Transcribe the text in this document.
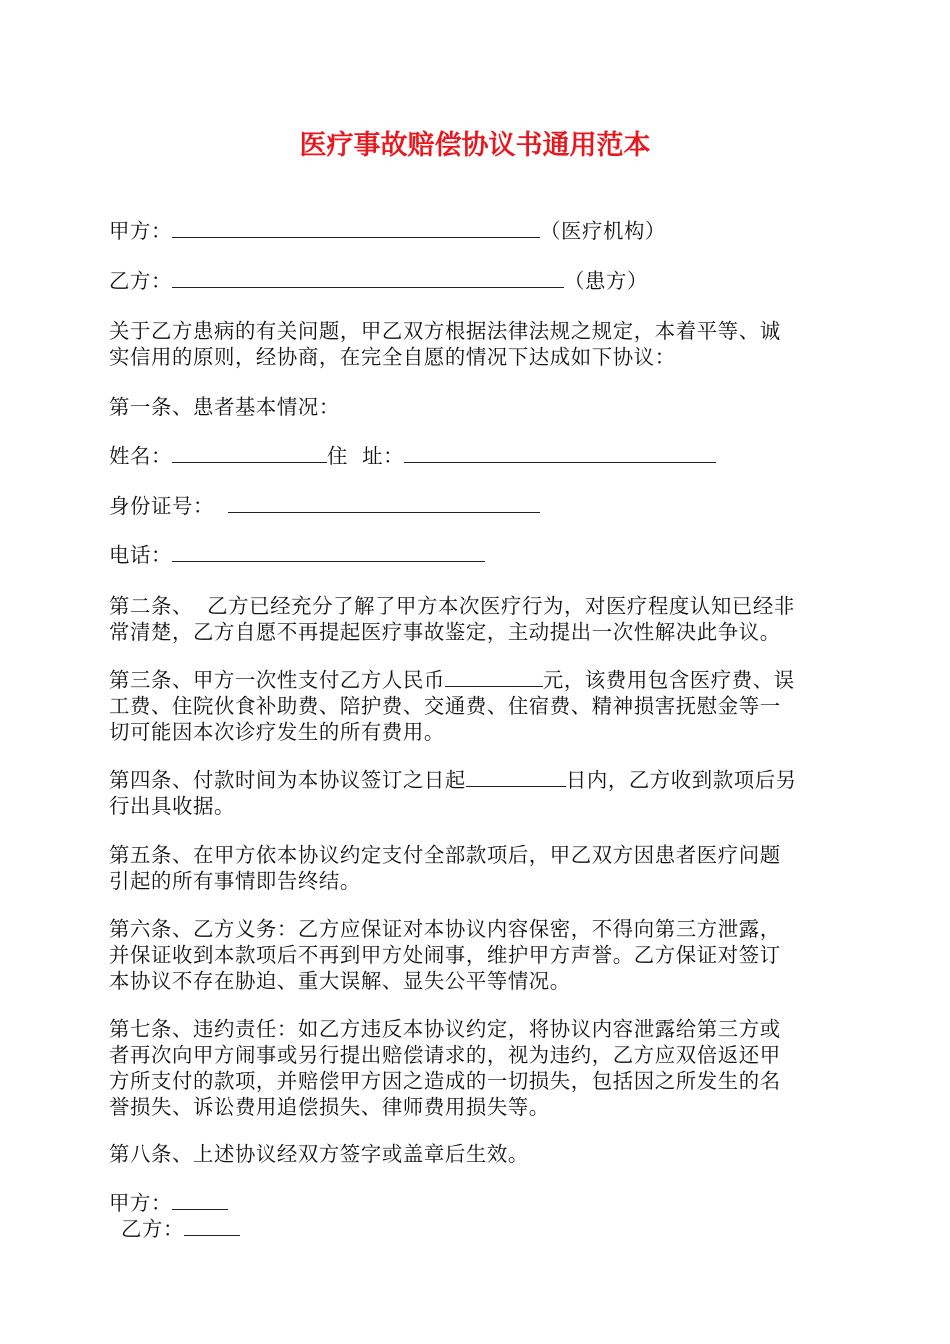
医疗事故赔偿协议书通用范本
甲方：	（医疗机构）
乙方：	（患方）
关于乙方患病的有关问题，甲乙双方根据法律法规之规定，本着平等、诚
实信用的原则，经协商，在完全自愿的情况下达成如下协议：
第一条、患者基本情况：
姓名：	住  址：
身份证号：
电话：
第二条、  乙方已经充分了解了甲方本次医疗行为，对医疗程度认知已经非
常清楚，乙方自愿不再提起医疗事故鉴定，主动提出一次性解决此争议。
第三条、甲方一次性支付乙方人民币	元，该费用包含医疗费、误
工费、住院伙食补助费、陪护费、交通费、住宿费、精神损害抚慰金等一
切可能因本次诊疗发生的所有费用。
第四条、付款时间为本协议签订之日起	日内，乙方收到款项后另
行出具收据。
第五条、在甲方依本协议约定支付全部款项后，甲乙双方因患者医疗问题
引起的所有事情即告终结。
第六条、乙方义务：乙方应保证对本协议内容保密，不得向第三方泄露，
并保证收到本款项后不再到甲方处闹事，维护甲方声誉。乙方保证对签订
本协议不存在胁迫、重大误解、显失公平等情况。
第七条、违约责任：如乙方违反本协议约定，将协议内容泄露给第三方或
者再次向甲方闹事或另行提出赔偿请求的，视为违约，乙方应双倍返还甲
方所支付的款项，并赔偿甲方因之造成的一切损失，包括因之所发生的名
誉损失、诉讼费用追偿损失、律师费用损失等。
第八条、上述协议经双方签字或盖章后生效。
甲方：
乙方：
